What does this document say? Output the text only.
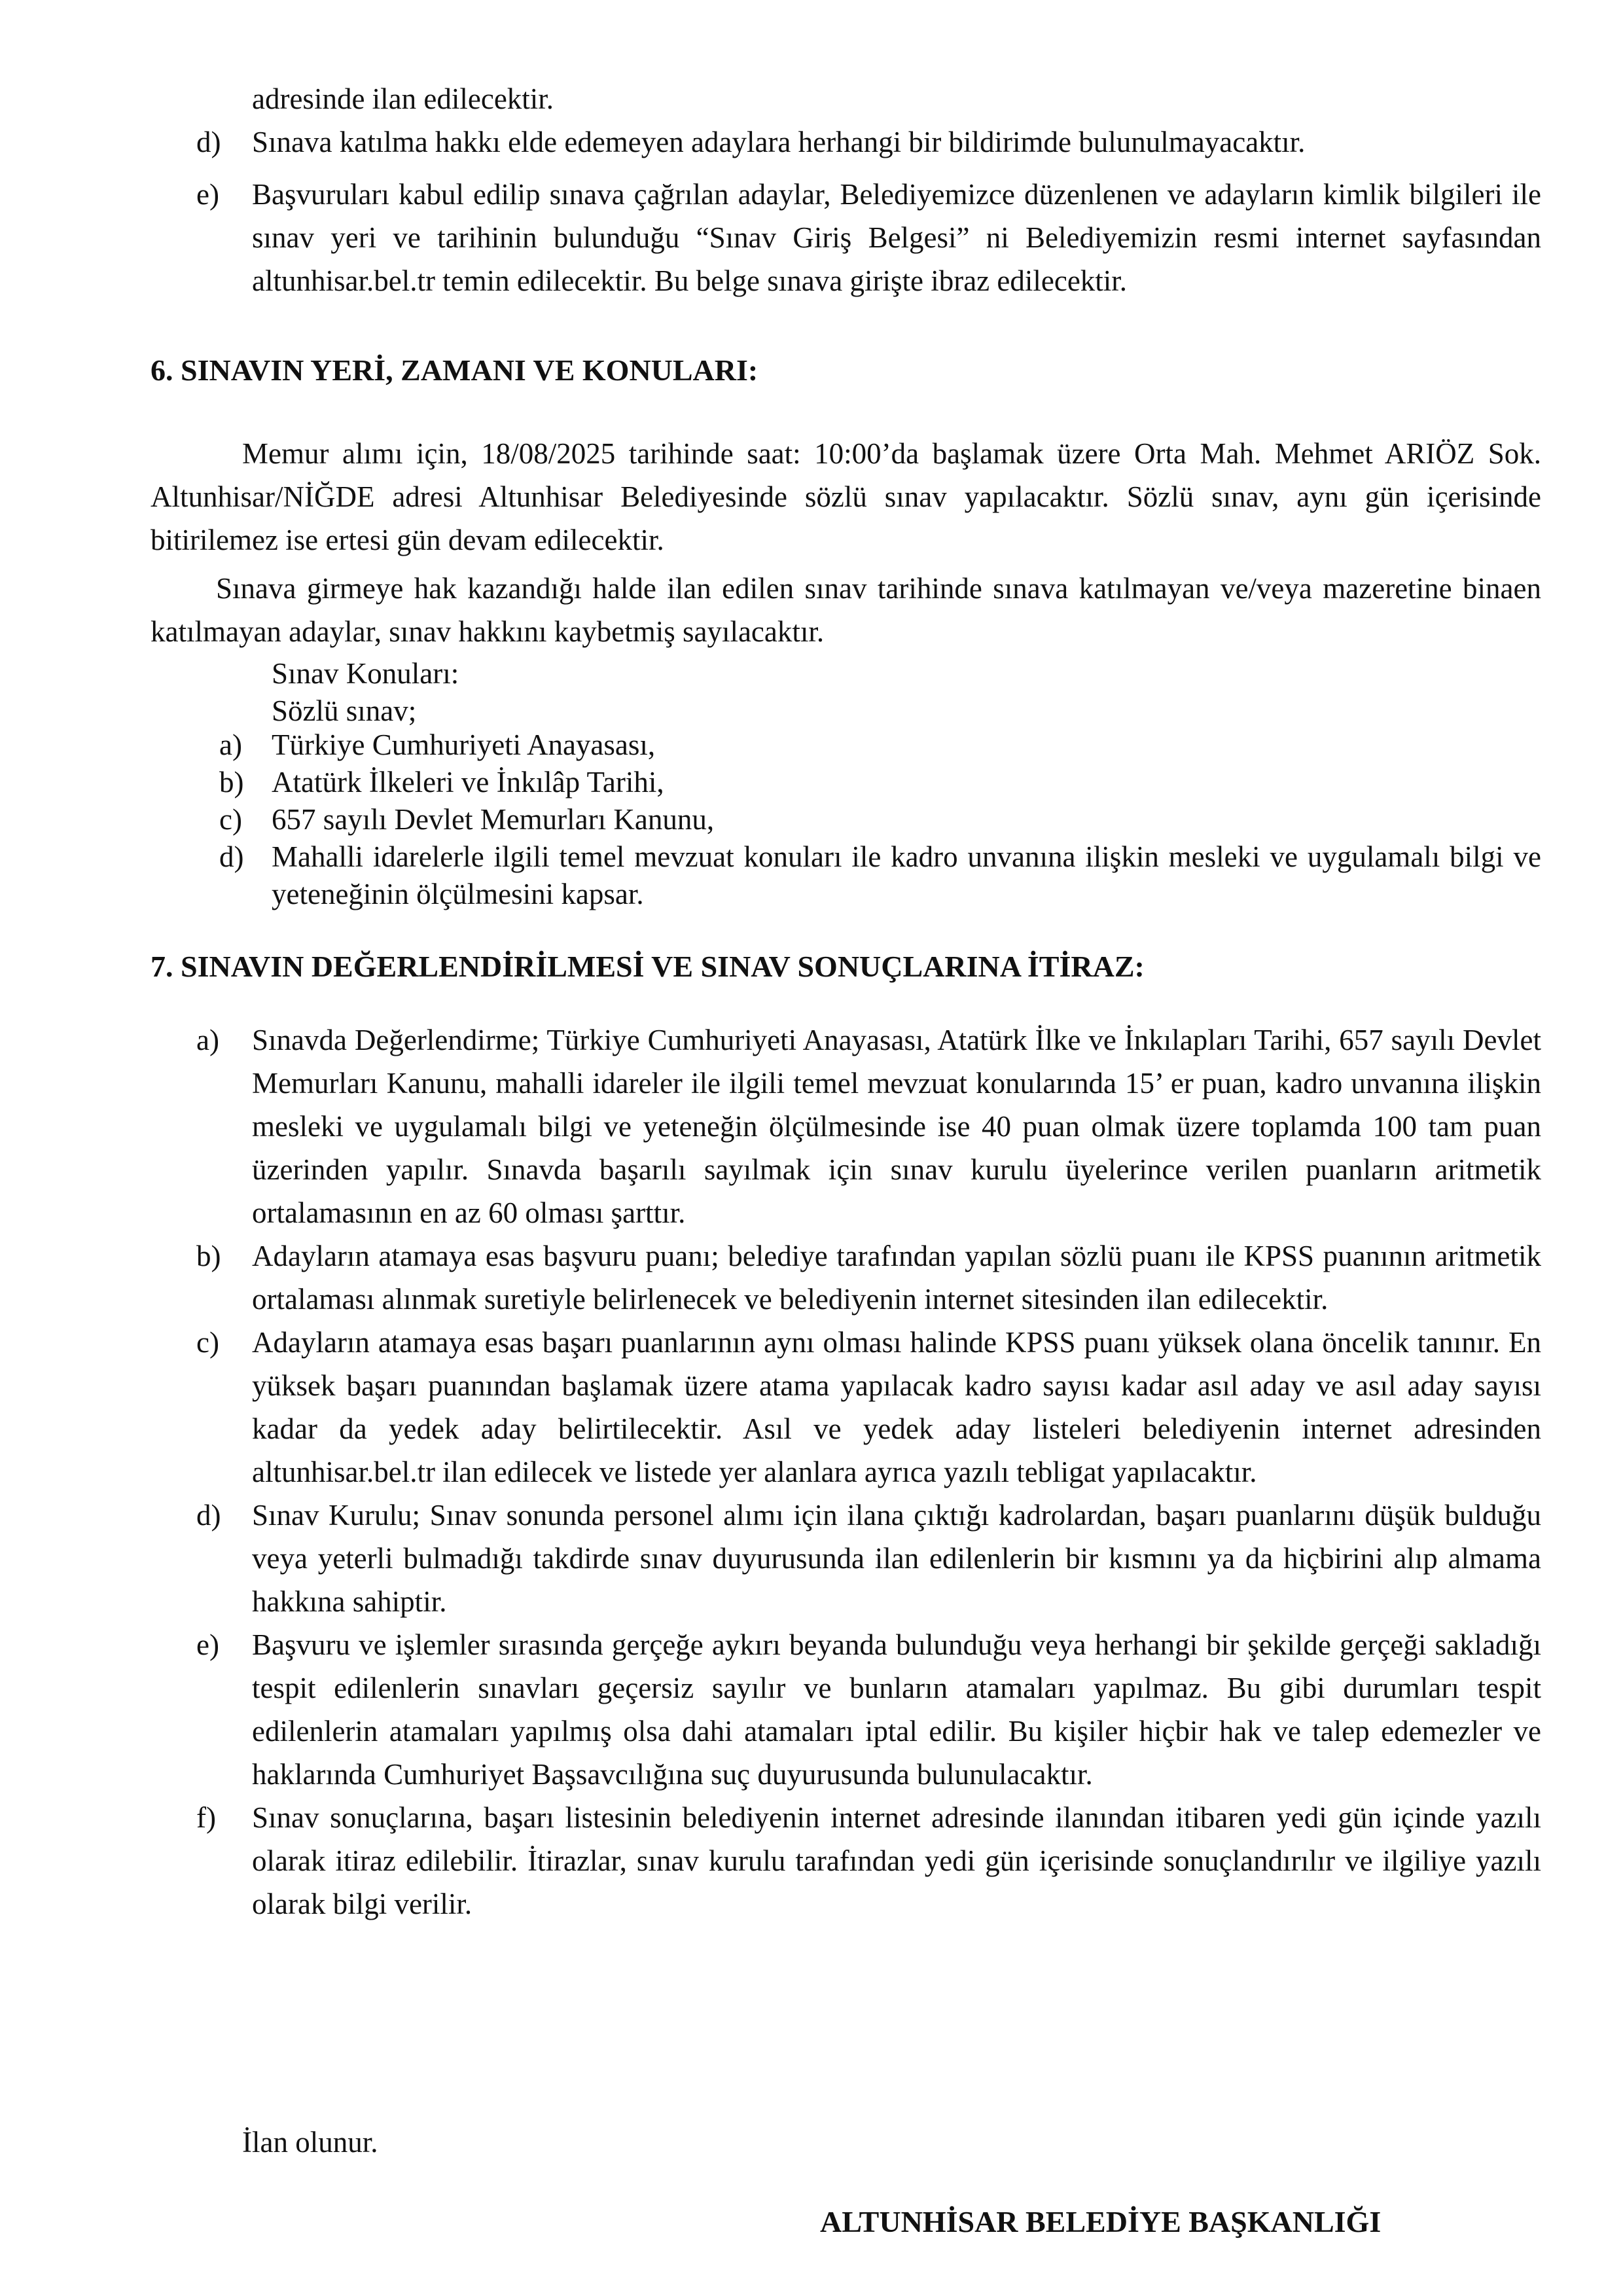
adresinde ilan edilecektir.
d) Sınava katılma hakkı elde edemeyen adaylara herhangi bir bildirimde bulunulmayacaktır.
e) Başvuruları kabul edilip sınava çağrılan adaylar, Belediyemizce düzenlenen ve adayların kimlik bilgileri ile sınav yeri ve tarihinin bulunduğu “Sınav Giriş Belgesi” ni Belediyemizin resmi internet sayfasından altunhisar.bel.tr temin edilecektir. Bu belge sınava girişte ibraz edilecektir.
6. SINAVIN YERİ, ZAMANI VE KONULARI:

Memur alımı için, 18/08/2025 tarihinde saat: 10:00’da başlamak üzere Orta Mah. Mehmet ARIÖZ Sok. Altunhisar/NİĞDE adresi Altunhisar Belediyesinde sözlü sınav yapılacaktır. Sözlü sınav, aynı gün içerisinde bitirilemez ise ertesi gün devam edilecektir.

Sınava girmeye hak kazandığı halde ilan edilen sınav tarihinde sınava katılmayan ve/veya mazeretine binaen katılmayan adaylar, sınav hakkını kaybetmiş sayılacaktır.

Sınav Konuları:

Sözlü sınav;

a) Türkiye Cumhuriyeti Anayasası,
b) Atatürk İlkeleri ve İnkılâp Tarihi,
c) 657 sayılı Devlet Memurları Kanunu,
d) Mahalli idarelerle ilgili temel mevzuat konuları ile kadro unvanına ilişkin mesleki ve uygulamalı bilgi ve yeteneğinin ölçülmesini kapsar.
7. SINAVIN DEĞERLENDİRİLMESİ VE SINAV SONUÇLARINA İTİRAZ:
a) Sınavda Değerlendirme; Türkiye Cumhuriyeti Anayasası, Atatürk İlke ve İnkılapları Tarihi, 657 sayılı Devlet Memurları Kanunu, mahalli idareler ile ilgili temel mevzuat konularında 15’ er puan, kadro unvanına ilişkin mesleki ve uygulamalı bilgi ve yeteneğin ölçülmesinde ise 40 puan olmak üzere toplamda 100 tam puan üzerinden yapılır. Sınavda başarılı sayılmak için sınav kurulu üyelerince verilen puanların aritmetik ortalamasının en az 60 olması şarttır.
b) Adayların atamaya esas başvuru puanı; belediye tarafından yapılan sözlü puanı ile KPSS puanının aritmetik ortalaması alınmak suretiyle belirlenecek ve belediyenin internet sitesinden ilan edilecektir.
c) Adayların atamaya esas başarı puanlarının aynı olması halinde KPSS puanı yüksek olana öncelik tanınır. En yüksek başarı puanından başlamak üzere atama yapılacak kadro sayısı kadar asıl aday ve asıl aday sayısı kadar da yedek aday belirtilecektir. Asıl ve yedek aday listeleri belediyenin internet adresinden altunhisar.bel.tr ilan edilecek ve listede yer alanlara ayrıca yazılı tebligat yapılacaktır.
d) Sınav Kurulu; Sınav sonunda personel alımı için ilana çıktığı kadrolardan, başarı puanlarını düşük bulduğu veya yeterli bulmadığı takdirde sınav duyurusunda ilan edilenlerin bir kısmını ya da hiçbirini alıp almama hakkına sahiptir.
e) Başvuru ve işlemler sırasında gerçeğe aykırı beyanda bulunduğu veya herhangi bir şekilde gerçeği sakladığı tespit edilenlerin sınavları geçersiz sayılır ve bunların atamaları yapılmaz. Bu gibi durumları tespit edilenlerin atamaları yapılmış olsa dahi atamaları iptal edilir. Bu kişiler hiçbir hak ve talep edemezler ve haklarında Cumhuriyet Başsavcılığına suç duyurusunda bulunulacaktır.
f) Sınav sonuçlarına, başarı listesinin belediyenin internet adresinde ilanından itibaren yedi gün içinde yazılı olarak itiraz edilebilir. İtirazlar, sınav kurulu tarafından yedi gün içerisinde sonuçlandırılır ve ilgiliye yazılı olarak bilgi verilir.

İlan olunur.

ALTUNHİSAR BELEDİYE BAŞKANLIĞI
